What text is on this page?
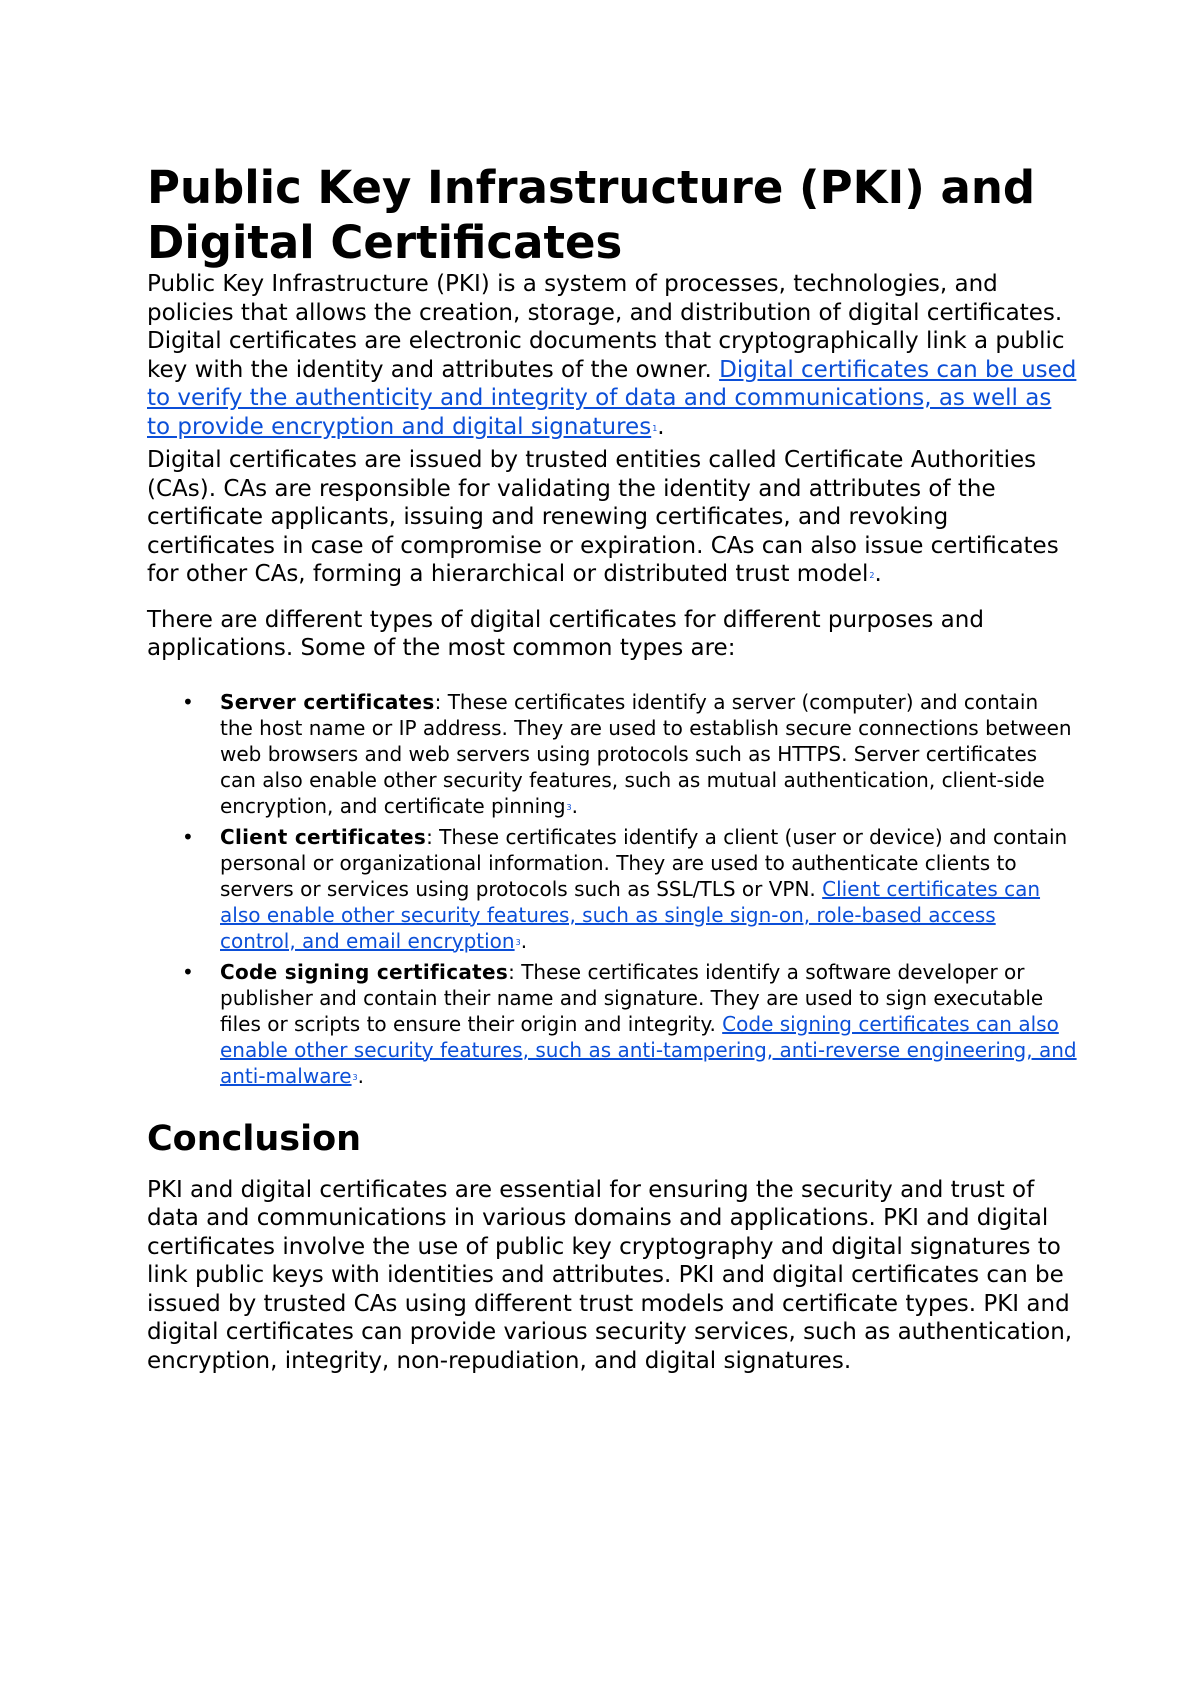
Public Key Infrastructure (PKI) and Digital Certificates

Public Key Infrastructure (PKI) is a system of processes, technologies, and policies that allows the creation, storage, and distribution of digital certificates. Digital certificates are electronic documents that cryptographically link a public key with the identity and attributes of the owner. Digital certificates can be used to verify the authenticity and integrity of data and communications, as well as to provide encryption and digital signatures$^1$.

Digital certificates are issued by trusted entities called Certificate Authorities (CAs). CAs are responsible for validating the identity and attributes of the certificate applicants, issuing and renewing certificates, and revoking certificates in case of compromise or expiration. CAs can also issue certificates for other CAs, forming a hierarchical or distributed trust model$^2$.

There are different types of digital certificates for different purposes and applications. Some of the most common types are:

• Server certificates: These certificates identify a server (computer) and contain the host name or IP address. They are used to establish secure connections between web browsers and web servers using protocols such as HTTPS. Server certificates can also enable other security features, such as mutual authentication, client-side encryption, and certificate pinning$^3$.
• Client certificates: These certificates identify a client (user or device) and contain personal or organizational information. They are used to authenticate clients to servers or services using protocols such as SSL/TLS or VPN. Client certificates can also enable other security features, such as single sign-on, role-based access control, and email encryption$^3$.
• Code signing certificates: These certificates identify a software developer or publisher and contain their name and signature. They are used to sign executable files or scripts to ensure their origin and integrity. Code signing certificates can also enable other security features, such as anti-tampering, anti-reverse engineering, and anti-malware$^3$.
Conclusion

PKI and digital certificates are essential for ensuring the security and trust of data and communications in various domains and applications. PKI and digital certificates involve the use of public key cryptography and digital signatures to link public keys with identities and attributes. PKI and digital certificates can be issued by trusted CAs using different trust models and certificate types. PKI and digital certificates can provide various security services, such as authentication, encryption, integrity, non-repudiation, and digital signatures.
